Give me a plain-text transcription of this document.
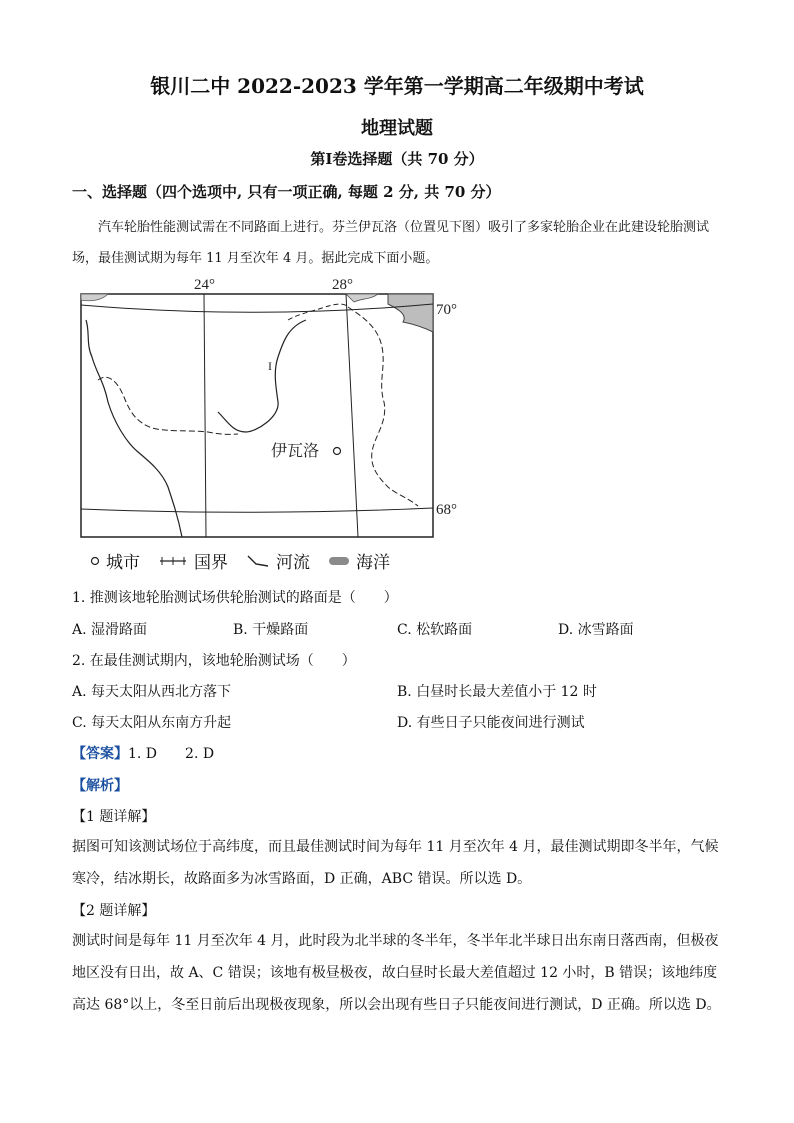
银川二中 2022-2023 学年第一学期高二年级期中考试
地理试题
第Ⅰ卷选择题（共 70 分）
一、选择题（四个选项中, 只有一项正确, 每题 2 分, 共 70 分）
汽车轮胎性能测试需在不同路面上进行。芬兰伊瓦洛（位置见下图）吸引了多家轮胎企业在此建设轮胎测试场，最佳测试期为每年 11 月至次年 4 月。据此完成下面小题。
I
24°	28°
70°
68°
伊瓦洛
城市	国界	河流	海洋
1. 推测该地轮胎测试场供轮胎测试的路面是（　　）
A. 湿滑路面	B. 干燥路面	C. 松软路面	D. 冰雪路面
2. 在最佳测试期内，该地轮胎测试场（　　）
A. 每天太阳从西北方落下	B. 白昼时长最大差值小于 12 时
C. 每天太阳从东南方升起	D. 有些日子只能夜间进行测试
【答案】1. D　　2. D
【解析】
【1 题详解】
据图可知该测试场位于高纬度，而且最佳测试时间为每年 11 月至次年 4 月，最佳测试期即冬半年，气候寒冷，结冰期长，故路面多为冰雪路面，D 正确，ABC 错误。所以选 D。
【2 题详解】
测试时间是每年 11 月至次年 4 月，此时段为北半球的冬半年，冬半年北半球日出东南日落西南，但极夜地区没有日出，故 A、C 错误；该地有极昼极夜，故白昼时长最大差值超过 12 小时，B 错误；该地纬度高达 68°以上，冬至日前后出现极夜现象，所以会出现有些日子只能夜间进行测试，D 正确。所以选 D。
